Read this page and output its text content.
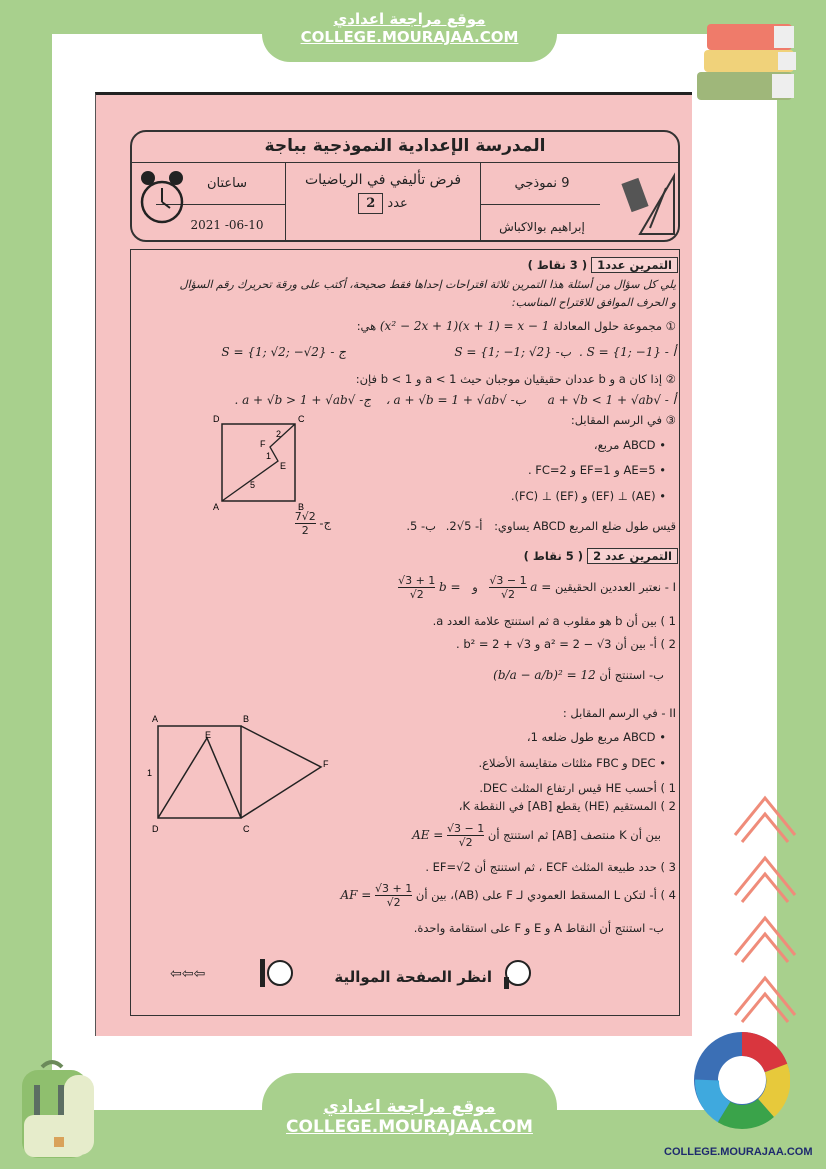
موقع مراجعة اعدادي
COLLEGE.MOURAJAA.COM
موقع مراجعة اعدادي
COLLEGE.MOURAJAA.COM
COLLEGE.MOURAJAA.COM
المدرسة الإعدادية النموذجية بباجة
ساعتان
2021 -06-10
فرض تأليفي في الرياضيات
عدد 2
9 نموذجي
إبراهيم بوالاكباش
التمرين عدد1 ( 3 نقاط )
يلي كل سؤال من أسئلة هذا التمرين ثلاثة اقتراحات إحداها فقط صحيحة، أكتب على ورقة تحريرك رقم السؤال
و الحرف الموافق للاقتراح المناسب:
① مجموعة حلول المعادلة (x² − 2x + 1)(x + 1) = x − 1 هي:
أ - S = {1; −1} .
ب- S = {1; −1; √2}
ج - S = {1; √2; −√2}
② إذا كان a و b عددان حقيقيان موجبان حيث a < 1 و b < 1 فإن:
أ - √a + √b < 1 + √ab
ب- √a + √b = 1 + √ab ،
ج- √a + √b > 1 + √ab .
③ في الرسم المقابل:
• ABCD مربع،
• AE=5 و EF=1 و FC=2 .
• (AE) ⊥ (EF) و (EF) ⊥ (FC).
قيس طول ضلع المربع ABCD يساوي: أ- 5√2.
ب- 5.
ج-
$\frac{7√2}{2}$
D	C
A	B
E
F
2
1
5
التمرين عدد 2 ( 5 نقاط )
I - نعتبر العددين الحقيقين a =
$\frac{√3 - 1}{√2}$
و b =
$\frac{√3 + 1}{√2}$
1 ) بين أن b هو مقلوب a ثم استنتج علامة العدد a.
2 ) أ- بين أن a² = 2 − √3 و b² = 2 + √3 .
ب- استنتج أن (b/a − a/b)² = 12
II - في الرسم المقابل :
• ABCD مربع طول ضلعه 1،
• DEC و FBC مثلثات متقايسة الأضلاع.
1 ) أحسب HE قيس ارتفاع المثلث DEC.
2 ) المستقيم (HE) يقطع [AB] في النقطة K،
بين أن K منتصف [AB] ثم استنتج أن
$\frac{√3 - 1}{√2}$
AE =
3 ) حدد طبيعة المثلث ECF ، ثم استنتج أن EF=√2 .
4 ) أ- لتكن L المسقط العمودي لـ F على (AB)، بين أن
$\frac{√3 + 1}{√2}$
AF =
ب- استنتج أن النقاط A و E و F على استقامة واحدة.
A	B
C
D
E
F
1
انظر الصفحة الموالية
⇦⇦⇦
